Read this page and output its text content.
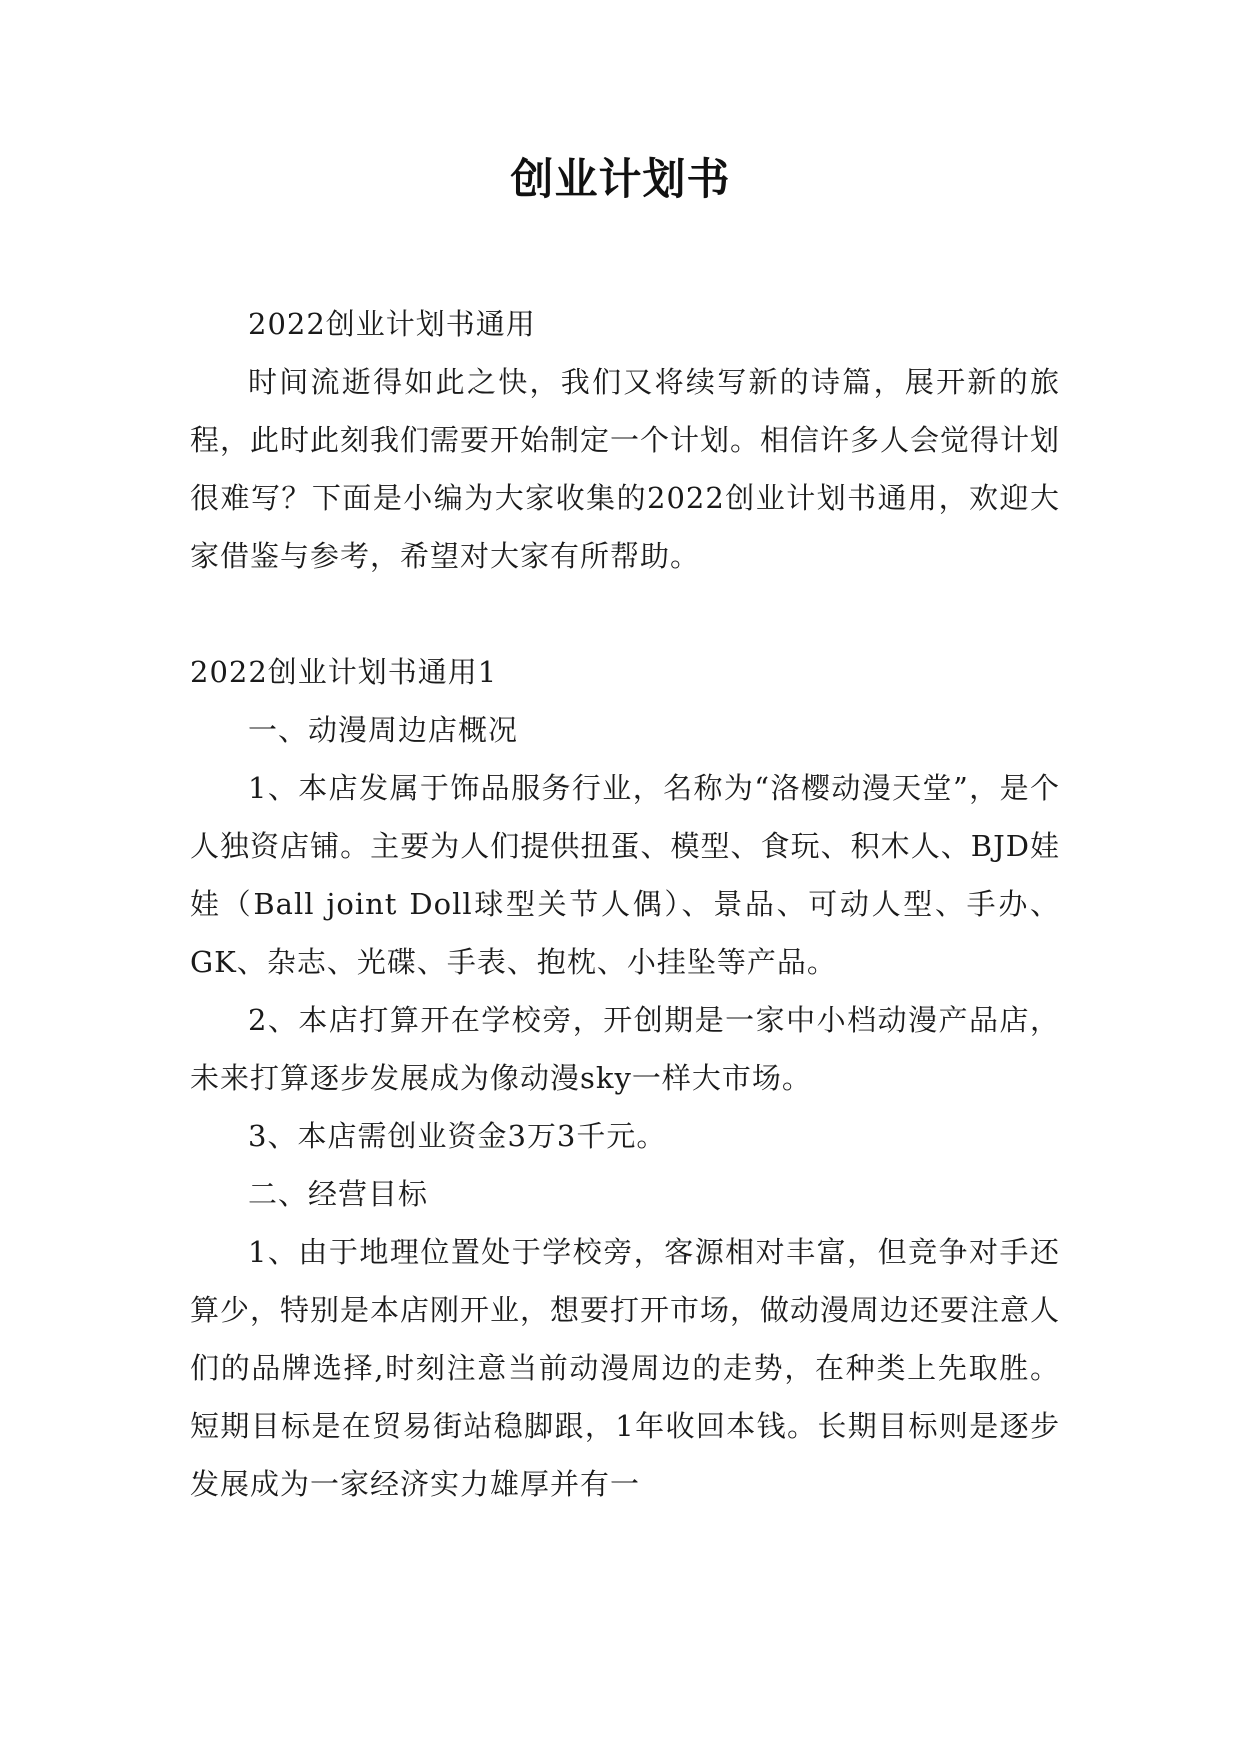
创业计划书

2022创业计划书通用

时间流逝得如此之快，我们又将续写新的诗篇，展开新的旅程，此时此刻我们需要开始制定一个计划。相信许多人会觉得计划很难写？下面是小编为大家收集的2022创业计划书通用，欢迎大家借鉴与参考，希望对大家有所帮助。

2022创业计划书通用1

一、动漫周边店概况

1、本店发属于饰品服务行业，名称为“洛樱动漫天堂”，是个人独资店铺。主要为人们提供扭蛋、模型、食玩、积木人、BJD娃娃（Ball joint Doll球型关节人偶）、景品、可动人型、手办、GK、杂志、光碟、手表、抱枕、小挂坠等产品。

2、本店打算开在学校旁，开创期是一家中小档动漫产品店，未来打算逐步发展成为像动漫sky一样大市场。

3、本店需创业资金3万3千元。

二、经营目标

1、由于地理位置处于学校旁，客源相对丰富，但竞争对手还算少，特别是本店刚开业，想要打开市场，做动漫周边还要注意人们的品牌选择,时刻注意当前动漫周边的走势，在种类上先取胜。短期目标是在贸易街站稳脚跟，1年收回本钱。长期目标则是逐步发展成为一家经济实力雄厚并有一
